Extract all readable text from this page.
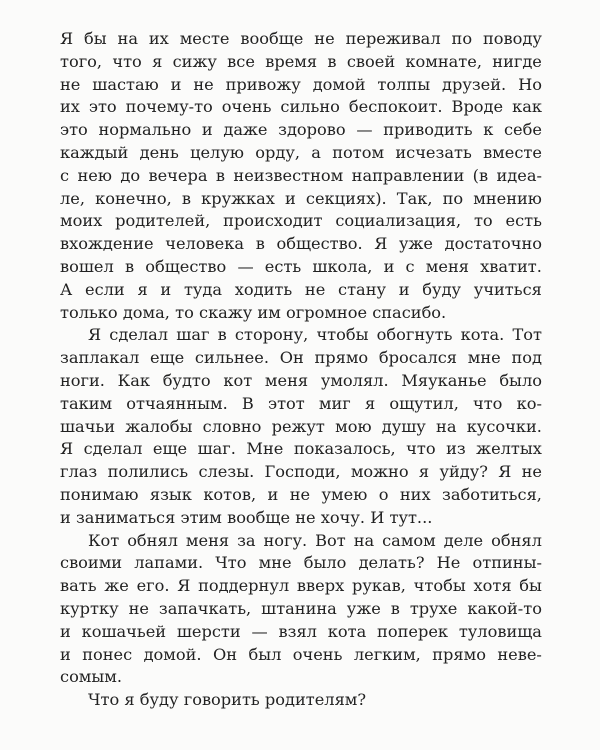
Я бы на их месте вообще не переживал по поводу
того, что я сижу все время в своей комнате, нигде
не шастаю и не привожу домой толпы друзей. Но
их это почему-то очень сильно беспокоит. Вроде как
это нормально и даже здорово — приводить к себе
каждый день целую орду, а потом исчезать вместе
с нею до вечера в неизвестном направлении (в идеа-
ле, конечно, в кружках и секциях). Так, по мнению
моих родителей, происходит социализация, то есть
вхождение человека в общество. Я уже достаточно
вошел в общество — есть школа, и с меня хватит.
А если я и туда ходить не стану и буду учиться
только дома, то скажу им огромное спасибо.
Я сделал шаг в сторону, чтобы обогнуть кота. Тот
заплакал еще сильнее. Он прямо бросался мне под
ноги. Как будто кот меня умолял. Мяуканье было
таким отчаянным. В этот миг я ощутил, что ко-
шачьи жалобы словно режут мою душу на кусочки.
Я сделал еще шаг. Мне показалось, что из желтых
глаз полились слезы. Господи, можно я уйду? Я не
понимаю язык котов, и не умею о них заботиться,
и заниматься этим вообще не хочу. И тут...
Кот обнял меня за ногу. Вот на самом деле обнял
своими лапами. Что мне было делать? Не отпины-
вать же его. Я поддернул вверх рукав, чтобы хотя бы
куртку не запачкать, штанина уже в трухе какой-то
и кошачьей шерсти — взял кота поперек туловища
и понес домой. Он был очень легким, прямо неве-
сомым.
Что я буду говорить родителям?
